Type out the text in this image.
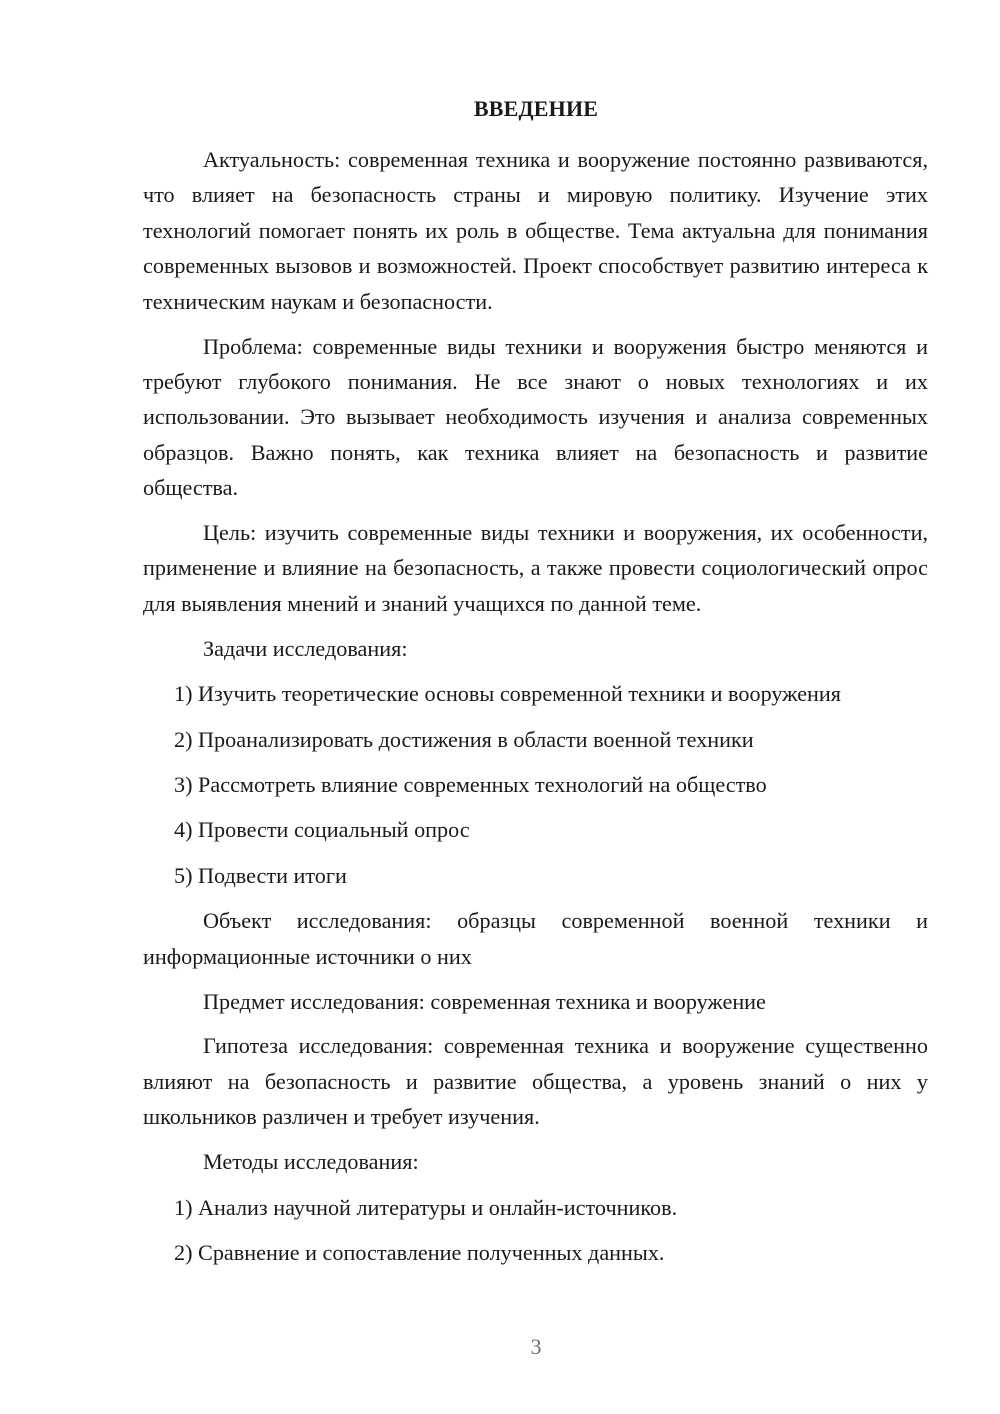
ВВЕДЕНИЕ

Актуальность: современная техника и вооружение постоянно развиваются, что влияет на безопасность страны и мировую политику. Изучение этих технологий помогает понять их роль в обществе. Тема актуальна для понимания современных вызовов и возможностей. Проект способствует развитию интереса к техническим наукам и безопасности.

Проблема: современные виды техники и вооружения быстро меняются и требуют глубокого понимания. Не все знают о новых технологиях и их использовании. Это вызывает необходимость изучения и анализа современных образцов. Важно понять, как техника влияет на безопасность и развитие общества.

Цель: изучить современные виды техники и вооружения, их особенности, применение и влияние на безопасность, а также провести социологический опрос для выявления мнений и знаний учащихся по данной теме.

Задачи исследования:

1) Изучить теоретические основы современной техники и вооружения

2) Проанализировать достижения в области военной техники

3) Рассмотреть влияние современных технологий на общество

4) Провести социальный опрос

5) Подвести итоги

Объект исследования: образцы современной военной техники и информационные источники о них

Предмет исследования: современная техника и вооружение

Гипотеза исследования: современная техника и вооружение существенно влияют на безопасность и развитие общества, а уровень знаний о них у школьников различен и требует изучения.

Методы исследования:

1) Анализ научной литературы и онлайн-источников.

2) Сравнение и сопоставление полученных данных.

3
